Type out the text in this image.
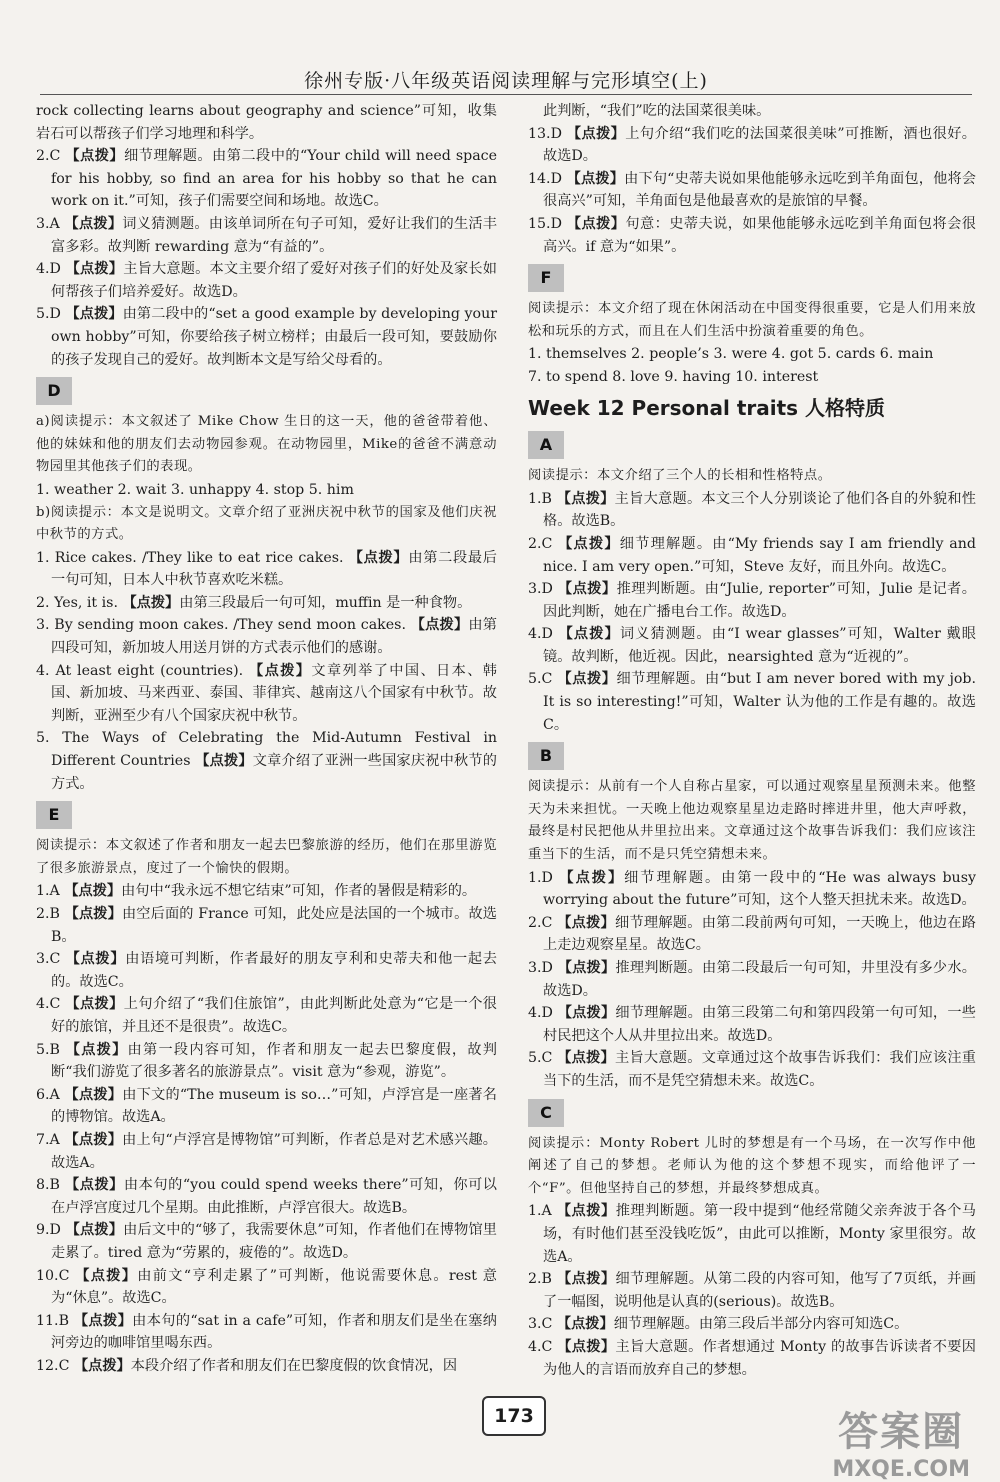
徐州专版·八年级英语阅读理解与完形填空(上)

rock collecting learns about geography and science”可知，收集岩石可以帮孩子们学习地理和科学。

2.C 【点拨】细节理解题。由第二段中的“Your child will need space for his hobby, so find an area for his hobby so that he can work on it.”可知，孩子们需要空间和场地。故选C。

3.A 【点拨】词义猜测题。由该单词所在句子可知，爱好让我们的生活丰富多彩。故判断 rewarding 意为“有益的”。

4.D 【点拨】主旨大意题。本文主要介绍了爱好对孩子们的好处及家长如何帮孩子们培养爱好。故选D。

5.D 【点拨】由第二段中的“set a good example by developing your own hobby”可知，你要给孩子树立榜样；由最后一段可知，要鼓励你的孩子发现自己的爱好。故判断本文是写给父母看的。

D

a)阅读提示：本文叙述了 Mike Chow 生日的这一天，他的爸爸带着他、他的妹妹和他的朋友们去动物园参观。在动物园里，Mike的爸爸不满意动物园里其他孩子们的表现。

1. weather 2. wait 3. unhappy 4. stop 5. him

b)阅读提示：本文是说明文。文章介绍了亚洲庆祝中秋节的国家及他们庆祝中秋节的方式。

1. Rice cakes. /They like to eat rice cakes. 【点拨】由第二段最后一句可知，日本人中秋节喜欢吃米糕。

2. Yes, it is. 【点拨】由第三段最后一句可知，muffin 是一种食物。

3. By sending moon cakes. /They send moon cakes. 【点拨】由第四段可知，新加坡人用送月饼的方式表示他们的感谢。

4. At least eight (countries). 【点拨】文章列举了中国、日本、韩国、新加坡、马来西亚、泰国、菲律宾、越南这八个国家有中秋节。故判断，亚洲至少有八个国家庆祝中秋节。

5. The Ways of Celebrating the Mid-Autumn Festival in Different Countries 【点拨】文章介绍了亚洲一些国家庆祝中秋节的方式。

E

阅读提示：本文叙述了作者和朋友一起去巴黎旅游的经历，他们在那里游览了很多旅游景点，度过了一个愉快的假期。

1.A 【点拨】由句中“我永远不想它结束”可知，作者的暑假是精彩的。

2.B 【点拨】由空后面的 France 可知，此处应是法国的一个城市。故选B。

3.C 【点拨】由语境可判断，作者最好的朋友亨利和史蒂夫和他一起去的。故选C。

4.C 【点拨】上句介绍了“我们住旅馆”，由此判断此处意为“它是一个很好的旅馆，并且还不是很贵”。故选C。

5.B 【点拨】由第一段内容可知，作者和朋友一起去巴黎度假，故判断“我们游览了很多著名的旅游景点”。visit 意为“参观，游览”。

6.A 【点拨】由下文的“The museum is so…”可知，卢浮宫是一座著名的博物馆。故选A。

7.A 【点拨】由上句“卢浮宫是博物馆”可判断，作者总是对艺术感兴趣。故选A。

8.B 【点拨】由本句的“you could spend weeks there”可知，你可以在卢浮宫度过几个星期。由此推断，卢浮宫很大。故选B。

9.D 【点拨】由后文中的“够了，我需要休息”可知，作者他们在博物馆里走累了。tired 意为“劳累的，疲倦的”。故选D。

10.C 【点拨】由前文“亨利走累了”可判断，他说需要休息。rest 意为“休息”。故选C。

11.B 【点拨】由本句的“sat in a cafe”可知，作者和朋友们是坐在塞纳河旁边的咖啡馆里喝东西。

12.C 【点拨】本段介绍了作者和朋友们在巴黎度假的饮食情况，因

此判断，“我们”吃的法国菜很美味。

13.D 【点拨】上句介绍“我们吃的法国菜很美味”可推断，酒也很好。故选D。

14.D 【点拨】由下句“史蒂夫说如果他能够永远吃到羊角面包，他将会很高兴”可知，羊角面包是他最喜欢的是旅馆的早餐。

15.D 【点拨】句意：史蒂夫说，如果他能够永远吃到羊角面包将会很高兴。if 意为“如果”。

F

阅读提示：本文介绍了现在休闲活动在中国变得很重要，它是人们用来放松和玩乐的方式，而且在人们生活中扮演着重要的角色。

1. themselves 2. people’s 3. were 4. got 5. cards 6. main

7. to spend 8. love 9. having 10. interest

Week 12 Personal traits 人格特质
A

阅读提示：本文介绍了三个人的长相和性格特点。

1.B 【点拨】主旨大意题。本文三个人分别谈论了他们各自的外貌和性格。故选B。

2.C 【点拨】细节理解题。由“My friends say I am friendly and nice. I am very open.”可知，Steve 友好，而且外向。故选C。

3.D 【点拨】推理判断题。由“Julie, reporter”可知，Julie 是记者。因此判断，她在广播电台工作。故选D。

4.D 【点拨】词义猜测题。由“I wear glasses”可知，Walter 戴眼镜。故判断，他近视。因此，nearsighted 意为“近视的”。

5.C 【点拨】细节理解题。由“but I am never bored with my job. It is so interesting!”可知，Walter 认为他的工作是有趣的。故选C。

B

阅读提示：从前有一个人自称占星家，可以通过观察星星预测未来。他整天为未来担忧。一天晚上他边观察星星边走路时摔进井里，他大声呼救，最终是村民把他从井里拉出来。文章通过这个故事告诉我们：我们应该注重当下的生活，而不是只凭空猜想未来。

1.D 【点拨】细节理解题。由第一段中的“He was always busy worrying about the future”可知，这个人整天担扰未来。故选D。

2.C 【点拨】细节理解题。由第二段前两句可知，一天晚上，他边在路上走边观察星星。故选C。

3.D 【点拨】推理判断题。由第二段最后一句可知，井里没有多少水。故选D。

4.D 【点拨】细节理解题。由第三段第二句和第四段第一句可知，一些村民把这个人从井里拉出来。故选D。

5.C 【点拨】主旨大意题。文章通过这个故事告诉我们：我们应该注重当下的生活，而不是凭空猜想未来。故选C。

C

阅读提示：Monty Robert 儿时的梦想是有一个马场，在一次写作中他阐述了自己的梦想。老师认为他的这个梦想不现实，而给他评了一个“F”。但他坚持自己的梦想，并最终梦想成真。

1.A 【点拨】推理判断题。第一段中提到“他经常随父亲奔波于各个马场，有时他们甚至没钱吃饭”，由此可以推断，Monty 家里很穷。故选A。

2.B 【点拨】细节理解题。从第二段的内容可知，他写了7页纸，并画了一幅图，说明他是认真的(serious)。故选B。

3.C 【点拨】细节理解题。由第三段后半部分内容可知选C。

4.C 【点拨】主旨大意题。作者想通过 Monty 的故事告诉读者不要因为他人的言语而放弃自己的梦想。

173	答案圈
MXQE.COM
